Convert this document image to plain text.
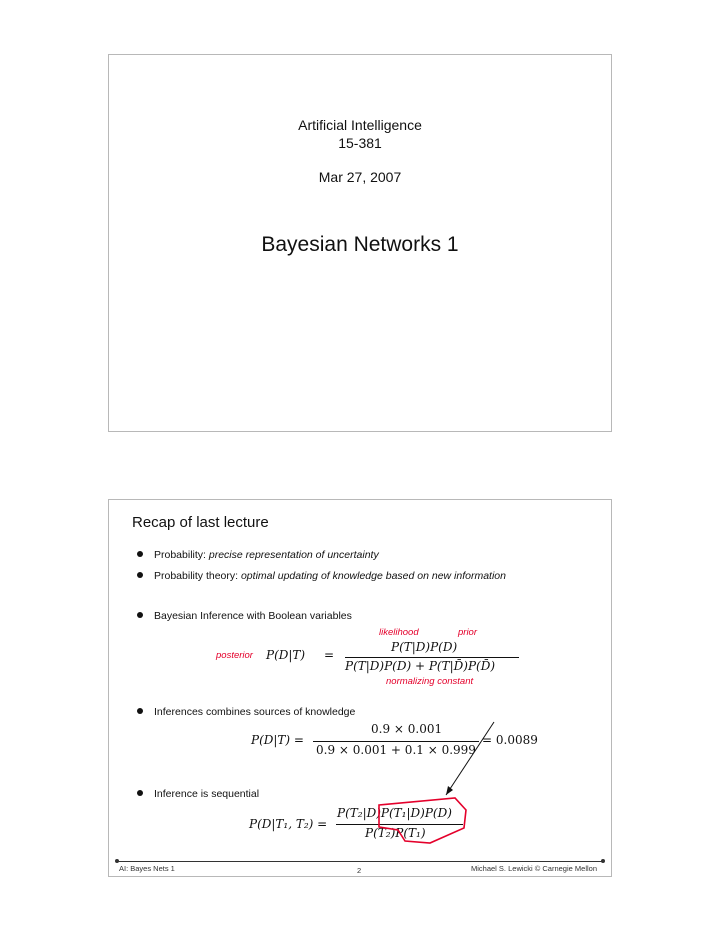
Artificial Intelligence
15-381
Mar 27, 2007
Bayesian Networks 1
Recap of last lecture
Probability: precise representation of uncertainty
Probability theory: optimal updating of knowledge based on new information
Bayesian Inference with Boolean variables
likelihood	prior
P(T|D)P(D)
posterior P(D|T) =
P(T|D)P(D) + P(T|D̄)P(D̄)
normalizing constant
Inferences combines sources of knowledge
0.9 × 0.001
P(D|T) =	= 0.0089
0.9 × 0.001 + 0.1 × 0.999
Inference is sequential
P(T₂|D)P(T₁|D)P(D)
P(D|T₁, T₂) =
P(T₂)P(T₁)
AI: Bayes Nets 1	2	Michael S. Lewicki © Carnegie Mellon
